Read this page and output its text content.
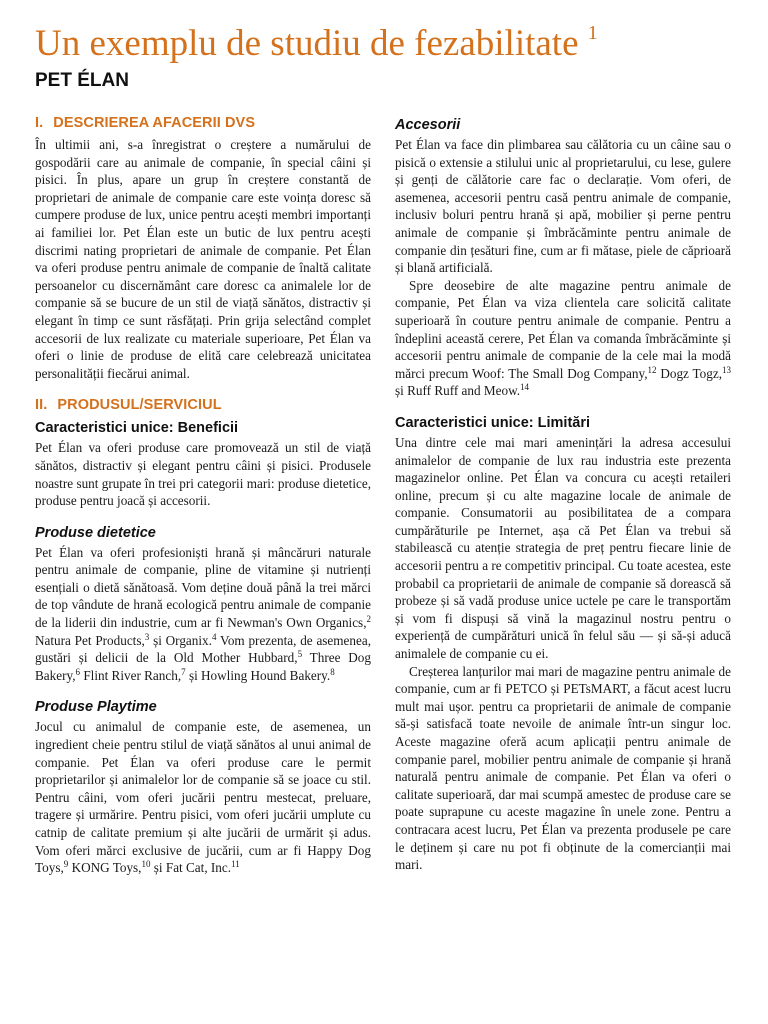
Un exemplu de studiu de fezabilitate $^1$
PET ÉLAN
I. DESCRIEREA AFACERII DVS

În ultimii ani, s-a înregistrat o creștere a numărului de gospodării care au animale de companie, în special câini și pisici. În plus, apare un grup în creștere constantă de proprietari de animale de companie care este voința doresc să cumpere produse de lux, unice pentru acești membri importanți ai familiei lor. Pet Élan este un butic de lux pentru acești discrimi nating proprietari de animale de companie. Pet Élan va oferi produse pentru animale de companie de înaltă calitate persoanelor cu discernământ care doresc ca animalele lor de companie să se bucure de un stil de viață sănătos, distractiv și elegant în timp ce sunt răsfățați. Prin grija selectând complet accesorii de lux realizate cu materiale superioare, Pet Élan va oferi o linie de produse de elită care celebrează unicitatea personalității fiecărui animal.

II. PRODUSUL/SERVICIUL
Caracteristici unice: Beneficii

Pet Élan va oferi produse care promovează un stil de viață sănătos, distractiv și elegant pentru câini și pisici. Produsele noastre sunt grupate în trei pri categorii mari: produse dietetice, produse pentru joacă și accesorii.

Produse dietetice

Pet Élan va oferi profesioniști hrană și mâncăruri naturale pentru animale de companie, pline de vitamine și nutrienți esențiali o dietă sănătoasă. Vom deține două până la trei mărci de top vândute de hrană ecologică pentru animale de companie de la liderii din industrie, cum ar fi Newman's Own Organics,$^2$ Natura Pet Products,$^3$ și Organix.$^4$ Vom prezenta, de asemenea, gustări și delicii de la Old Mother Hubbard,$^5$ Three Dog Bakery,$^6$ Flint River Ranch,$^7$ și Howling Hound Bakery.$^8$

Produse Playtime

Jocul cu animalul de companie este, de asemenea, un ingredient cheie pentru stilul de viață sănătos al unui animal de companie. Pet Élan va oferi produse care le permit proprietarilor și animalelor lor de companie să se joace cu stil. Pentru câini, vom oferi jucării pentru mestecat, preluare, tragere și urmărire. Pentru pisici, vom oferi jucării umplute cu catnip de calitate premium și alte jucării de urmărit și adus. Vom oferi mărci exclusive de jucării, cum ar fi Happy Dog Toys,$^9$ KONG Toys,$^{10}$ și Fat Cat, Inc.$^{11}$

Accesorii

Pet Élan va face din plimbarea sau călătoria cu un câine sau o pisică o extensie a stilului unic al proprietarului, cu lese, gulere și genți de călătorie care fac o declarație. Vom oferi, de asemenea, accesorii pentru casă pentru animale de companie, inclusiv boluri pentru hrană și apă, mobilier și perne pentru animale de companie și îmbrăcăminte pentru animale de companie din țesături fine, cum ar fi mătase, piele de căprioară și blană artificială.

Spre deosebire de alte magazine pentru animale de companie, Pet Élan va viza clientela care solicită calitate superioară în couture pentru animale de companie. Pentru a îndeplini această cerere, Pet Élan va comanda îmbrăcăminte și accesorii pentru animale de companie de la cele mai la modă mărci precum Woof: The Small Dog Company,$^{12}$ Dogz Togz,$^{13}$ și Ruff Ruff and Meow.$^{14}$

Caracteristici unice: Limitări

Una dintre cele mai mari amenințări la adresa accesului animalelor de companie de lux rau industria este prezenta magazinelor online. Pet Élan va concura cu acești retaileri online, precum și cu alte magazine locale de animale de companie. Consumatorii au posibilitatea de a compara cumpărăturile pe Internet, așa că Pet Élan va trebui să stabilească cu atenție strategia de preț pentru fiecare linie de accesorii pentru a re competitiv principal. Cu toate acestea, este probabil ca proprietarii de animale de companie să dorească să probeze și să vadă produse unice uctele pe care le transportăm și vom fi dispuși să vină la magazinul nostru pentru o experiență de cumpărături unică în felul său — și să-și aducă animalele de companie cu ei.

Creșterea lanțurilor mai mari de magazine pentru animale de companie, cum ar fi PETCO și PETsMART, a făcut acest lucru mult mai ușor. pentru ca proprietarii de animale de companie să-și satisfacă toate nevoile de animale într-un singur loc. Aceste magazine oferă acum aplicații pentru animale de companie parel, mobilier pentru animale de companie și hrană naturală pentru animale de companie. Pet Élan va oferi o calitate superioară, dar mai scumpă amestec de produse care se poate suprapune cu aceste magazine în unele zone. Pentru a contracara acest lucru, Pet Élan va prezenta produsele pe care le deținem și care nu pot fi obținute de la comercianții mai mari.
